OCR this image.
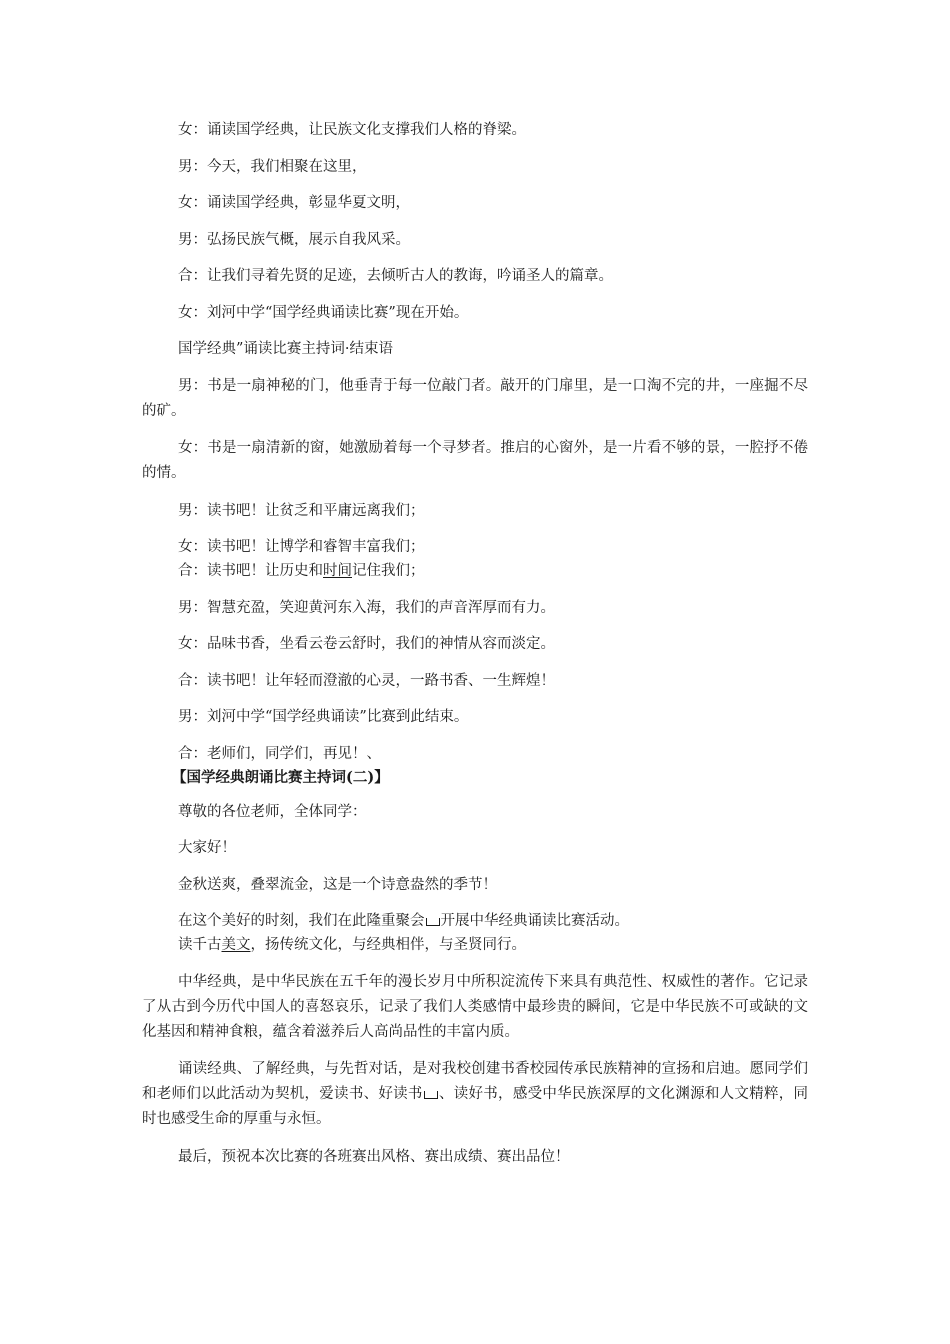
女：诵读国学经典，让民族文化支撑我们人格的脊梁。

男：今天，我们相聚在这里，

女：诵读国学经典，彰显华夏文明，

男：弘扬民族气概，展示自我风采。

合：让我们寻着先贤的足迹，去倾听古人的教诲，吟诵圣人的篇章。

女：刘河中学“国学经典诵读比赛”现在开始。

国学经典”诵读比赛主持词·结束语

男：书是一扇神秘的门，他垂青于每一位敲门者。敲开的门扉里，是一口淘不完的井，一座掘不尽的矿。

女：书是一扇清新的窗，她激励着每一个寻梦者。推启的心窗外，是一片看不够的景，一腔抒不倦的情。

男：读书吧！让贫乏和平庸远离我们；

女：读书吧！让博学和睿智丰富我们；

合：读书吧！让历史和时间记住我们；

男：智慧充盈，笑迎黄河东入海，我们的声音浑厚而有力。

女：品味书香，坐看云卷云舒时，我们的神情从容而淡定。

合：读书吧！让年轻而澄澈的心灵，一路书香、一生辉煌！

男：刘河中学“国学经典诵读”比赛到此结束。

合：老师们，同学们，再见！、

【国学经典朗诵比赛主持词(二)】

尊敬的各位老师，全体同学：

大家好！

金秋送爽，叠翠流金，这是一个诗意盎然的季节！

在这个美好的时刻，我们在此隆重聚会 开展中华经典诵读比赛活动。

读千古美文，扬传统文化，与经典相伴，与圣贤同行。

中华经典，是中华民族在五千年的漫长岁月中所积淀流传下来具有典范性、权威性的著作。它记录了从古到今历代中国人的喜怒哀乐，记录了我们人类感情中最珍贵的瞬间，它是中华民族不可或缺的文化基因和精神食粮，蕴含着滋养后人高尚品性的丰富内质。

诵读经典、了解经典，与先哲对话，是对我校创建书香校园传承民族精神的宣扬和启迪。愿同学们和老师们以此活动为契机，爱读书、好读书 、读好书，感受中华民族深厚的文化渊源和人文精粹，同时也感受生命的厚重与永恒。

最后，预祝本次比赛的各班赛出风格、赛出成绩、赛出品位！
